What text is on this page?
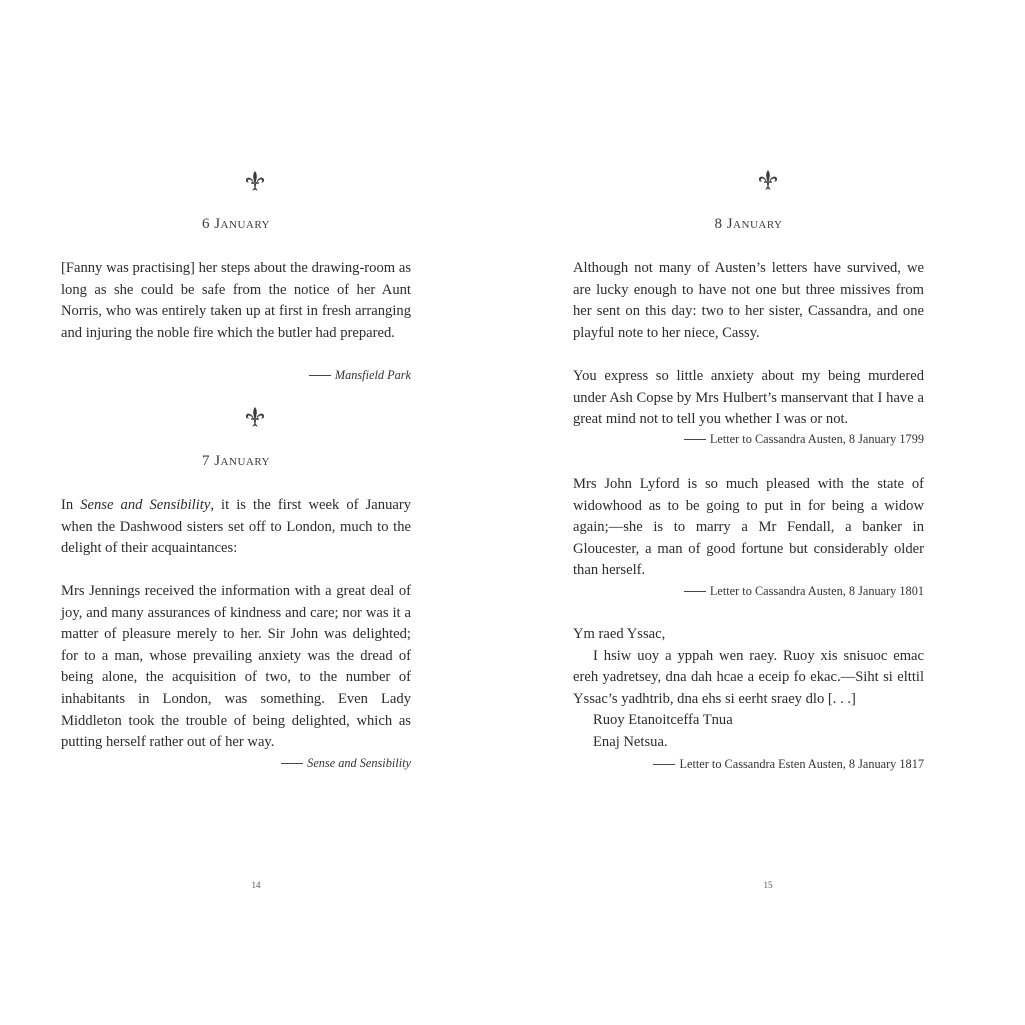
6 January

[Fanny was practising] her steps about the drawing-room as long as she could be safe from the notice of her Aunt Norris, who was entirely taken up at first in fresh arranging and injuring the noble fire which the butler had prepared.

Mansfield Park
7 January

In Sense and Sensibility, it is the first week of January when the Dashwood sisters set off to London, much to the delight of their acquaintances:

Mrs Jennings received the information with a great deal of joy, and many assurances of kindness and care; nor was it a matter of pleasure merely to her. Sir John was delighted; for to a man, whose prevailing anxiety was the dread of being alone, the acquisition of two, to the number of inhabitants in London, was something. Even Lady Middleton took the trouble of being delighted, which as putting herself rather out of her way.

Sense and Sensibility
14
8 January

Although not many of Austen’s letters have survived, we are lucky enough to have not one but three missives from her sent on this day: two to her sister, Cassandra, and one playful note to her niece, Cassy.

You express so little anxiety about my being murdered under Ash Copse by Mrs Hulbert’s manservant that I have a great mind not to tell you whether I was or not.

Letter to Cassandra Austen, 8 January 1799

Mrs John Lyford is so much pleased with the state of widowhood as to be going to put in for being a widow again;—she is to marry a Mr Fendall, a banker in Gloucester, a man of good fortune but considerably older than herself.

Letter to Cassandra Austen, 8 January 1801
Ym raed Yssac,
I hsiw uoy a yppah wen raey. Ruoy xis snisuoc emac ereh yadretsey, dna dah hcae a eceip fo ekac.—Siht si elttil Yssac’s yadhtrib, dna ehs si eerht sraey dlo [. . .]
Ruoy Etanoitceffa Tnua
Enaj Netsua.
Letter to Cassandra Esten Austen, 8 January 1817
15
